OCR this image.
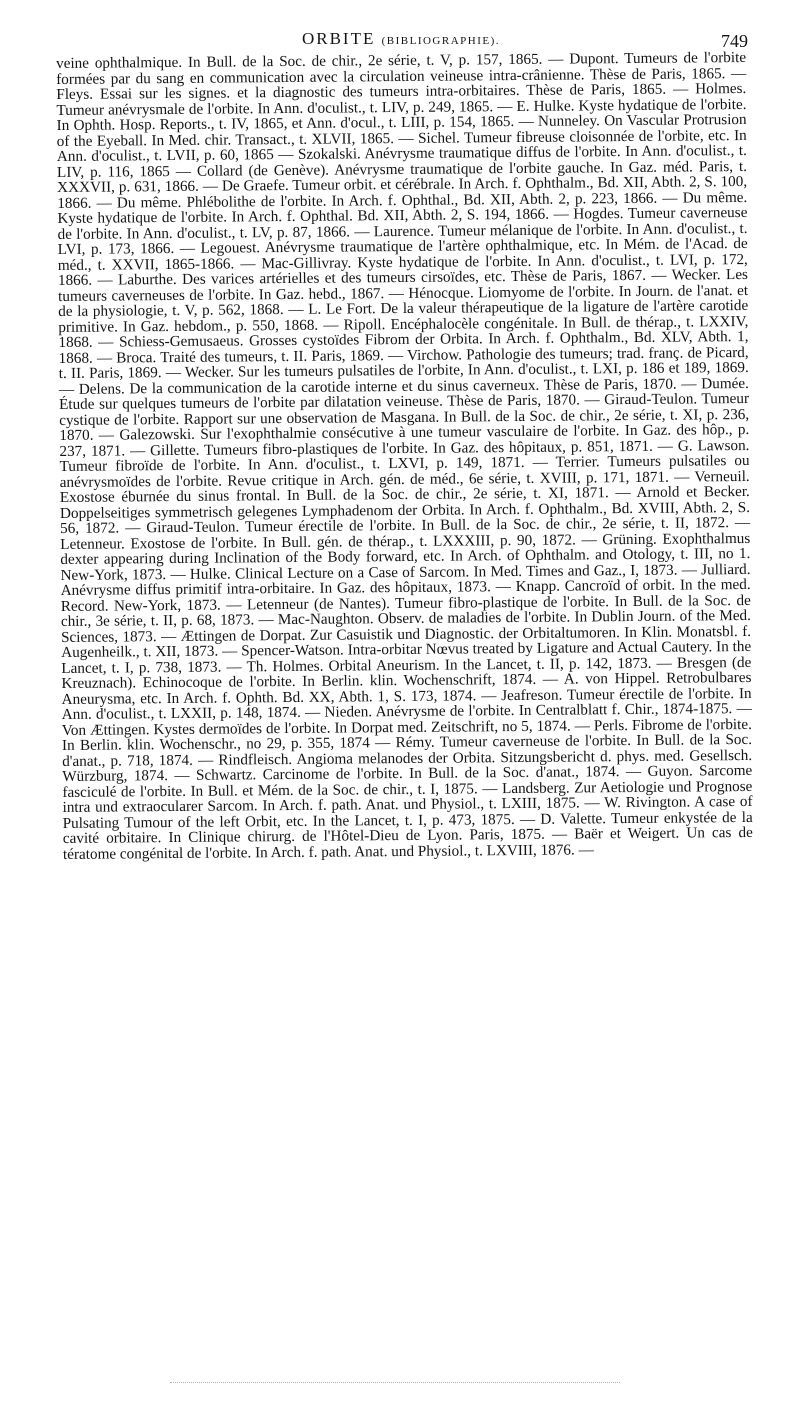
ORBITE (BIBLIOGRAPHIE).	749

veine ophthalmique. In Bull. de la Soc. de chir., 2e série, t. V, p. 157, 1865. — Dupont. Tumeurs de l'orbite formées par du sang en communication avec la circulation veineuse intra-crânienne. Thèse de Paris, 1865. — Fleys. Essai sur les signes. et la diagnostic des tumeurs intra-orbitaires. Thèse de Paris, 1865. — Holmes. Tumeur anévrysmale de l'orbite. In Ann. d'oculist., t. LIV, p. 249, 1865. — E. Hulke. Kyste hydatique de l'orbite. In Ophth. Hosp. Reports., t. IV, 1865, et Ann. d'ocul., t. LIII, p. 154, 1865. — Nunneley. On Vascular Protrusion of the Eyeball. In Med. chir. Transact., t. XLVII, 1865. — Sichel. Tumeur fibreuse cloisonnée de l'orbite, etc. In Ann. d'oculist., t. LVII, p. 60, 1865 — Szokalski. Anévrysme traumatique diffus de l'orbite. In Ann. d'oculist., t. LIV, p. 116, 1865 — Collard (de Genève). Anévrysme traumatique de l'orbite gauche. In Gaz. méd. Paris, t. XXXVII, p. 631, 1866. — De Graefe. Tumeur orbit. et cérébrale. In Arch. f. Ophthalm., Bd. XII, Abth. 2, S. 100, 1866. — Du même. Phlébolithe de l'orbite. In Arch. f. Ophthal., Bd. XII, Abth. 2, p. 223, 1866. — Du même. Kyste hydatique de l'orbite. In Arch. f. Ophthal. Bd. XII, Abth. 2, S. 194, 1866. — Hogdes. Tumeur caverneuse de l'orbite. In Ann. d'oculist., t. LV, p. 87, 1866. — Laurence. Tumeur mélanique de l'orbite. In Ann. d'oculist., t. LVI, p. 173, 1866. — Legouest. Anévrysme traumatique de l'artère ophthalmique, etc. In Mém. de l'Acad. de méd., t. XXVII, 1865-1866. — Mac-Gillivray. Kyste hydatique de l'orbite. In Ann. d'oculist., t. LVI, p. 172, 1866. — Laburthe. Des varices artérielles et des tumeurs cirsoïdes, etc. Thèse de Paris, 1867. — Wecker. Les tumeurs caverneuses de l'orbite. In Gaz. hebd., 1867. — Hénocque. Liomyome de l'orbite. In Journ. de l'anat. et de la physiologie, t. V, p. 562, 1868. — L. Le Fort. De la valeur thérapeutique de la ligature de l'artère carotide primitive. In Gaz. hebdom., p. 550, 1868. — Ripoll. Encéphalocèle congénitale. In Bull. de thérap., t. LXXIV, 1868. — Schiess-Gemusaeus. Grosses cystoïdes Fibrom der Orbita. In Arch. f. Ophthalm., Bd. XLV, Abth. 1, 1868. — Broca. Traité des tumeurs, t. II. Paris, 1869. — Virchow. Pathologie des tumeurs; trad. franç. de Picard, t. II. Paris, 1869. — Wecker. Sur les tumeurs pulsatiles de l'orbite, In Ann. d'oculist., t. LXI, p. 186 et 189, 1869. — Delens. De la communication de la carotide interne et du sinus caverneux. Thèse de Paris, 1870. — Dumée. Étude sur quelques tumeurs de l'orbite par dilatation veineuse. Thèse de Paris, 1870. — Giraud-Teulon. Tumeur cystique de l'orbite. Rapport sur une observation de Masgana. In Bull. de la Soc. de chir., 2e série, t. XI, p. 236, 1870. — Galezowski. Sur l'exophthalmie consécutive à une tumeur vasculaire de l'orbite. In Gaz. des hôp., p. 237, 1871. — Gillette. Tumeurs fibro-plastiques de l'orbite. In Gaz. des hôpitaux, p. 851, 1871. — G. Lawson. Tumeur fibroïde de l'orbite. In Ann. d'oculist., t. LXVI, p. 149, 1871. — Terrier. Tumeurs pulsatiles ou anévrysmoïdes de l'orbite. Revue critique in Arch. gén. de méd., 6e série, t. XVIII, p. 171, 1871. — Verneuil. Exostose éburnée du sinus frontal. In Bull. de la Soc. de chir., 2e série, t. XI, 1871. — Arnold et Becker. Doppelseitiges symmetrisch gelegenes Lymphadenom der Orbita. In Arch. f. Ophthalm., Bd. XVIII, Abth. 2, S. 56, 1872. — Giraud-Teulon. Tumeur érectile de l'orbite. In Bull. de la Soc. de chir., 2e série, t. II, 1872. — Letenneur. Exostose de l'orbite. In Bull. gén. de thérap., t. LXXXIII, p. 90, 1872. — Grüning. Exophthalmus dexter appearing during Inclination of the Body forward, etc. In Arch. of Ophthalm. and Otology, t. III, no 1. New-York, 1873. — Hulke. Clinical Lecture on a Case of Sarcom. In Med. Times and Gaz., I, 1873. — Julliard. Anévrysme diffus primitif intra-orbitaire. In Gaz. des hôpitaux, 1873. — Knapp. Cancroïd of orbit. In the med. Record. New-York, 1873. — Letenneur (de Nantes). Tumeur fibro-plastique de l'orbite. In Bull. de la Soc. de chir., 3e série, t. II, p. 68, 1873. — Mac-Naughton. Observ. de maladies de l'orbite. In Dublin Journ. of the Med. Sciences, 1873. — Ættingen de Dorpat. Zur Casuistik und Diagnostic. der Orbitaltumoren. In Klin. Monatsbl. f. Augenheilk., t. XII, 1873. — Spencer-Watson. Intra-orbitar Nœvus treated by Ligature and Actual Cautery. In the Lancet, t. I, p. 738, 1873. — Th. Holmes. Orbital Aneurism. In the Lancet, t. II, p. 142, 1873. — Bresgen (de Kreuznach). Echinocoque de l'orbite. In Berlin. klin. Wochenschrift, 1874. — A. von Hippel. Retrobulbares Aneurysma, etc. In Arch. f. Ophth. Bd. XX, Abth. 1, S. 173, 1874. — Jeafreson. Tumeur érectile de l'orbite. In Ann. d'oculist., t. LXXII, p. 148, 1874. — Nieden. Anévrysme de l'orbite. In Centralblatt f. Chir., 1874-1875. — Von Ættingen. Kystes dermoïdes de l'orbite. In Dorpat med. Zeitschrift, no 5, 1874. — Perls. Fibrome de l'orbite. In Berlin. klin. Wochenschr., no 29, p. 355, 1874 — Rémy. Tumeur caverneuse de l'orbite. In Bull. de la Soc. d'anat., p. 718, 1874. — Rindfleisch. Angioma melanodes der Orbita. Sitzungsbericht d. phys. med. Gesellsch. Würzburg, 1874. — Schwartz. Carcinome de l'orbite. In Bull. de la Soc. d'anat., 1874. — Guyon. Sarcome fasciculé de l'orbite. In Bull. et Mém. de la Soc. de chir., t. I, 1875. — Landsberg. Zur Aetiologie und Prognose intra und extraocularer Sarcom. In Arch. f. path. Anat. und Physiol., t. LXIII, 1875. — W. Rivington. A case of Pulsating Tumour of the left Orbit, etc. In the Lancet, t. I, p. 473, 1875. — D. Valette. Tumeur enkystée de la cavité orbitaire. In Clinique chirurg. de l'Hôtel-Dieu de Lyon. Paris, 1875. — Baër et Weigert. Un cas de tératome congénital de l'orbite. In Arch. f. path. Anat. und Physiol., t. LXVIII, 1876. —
